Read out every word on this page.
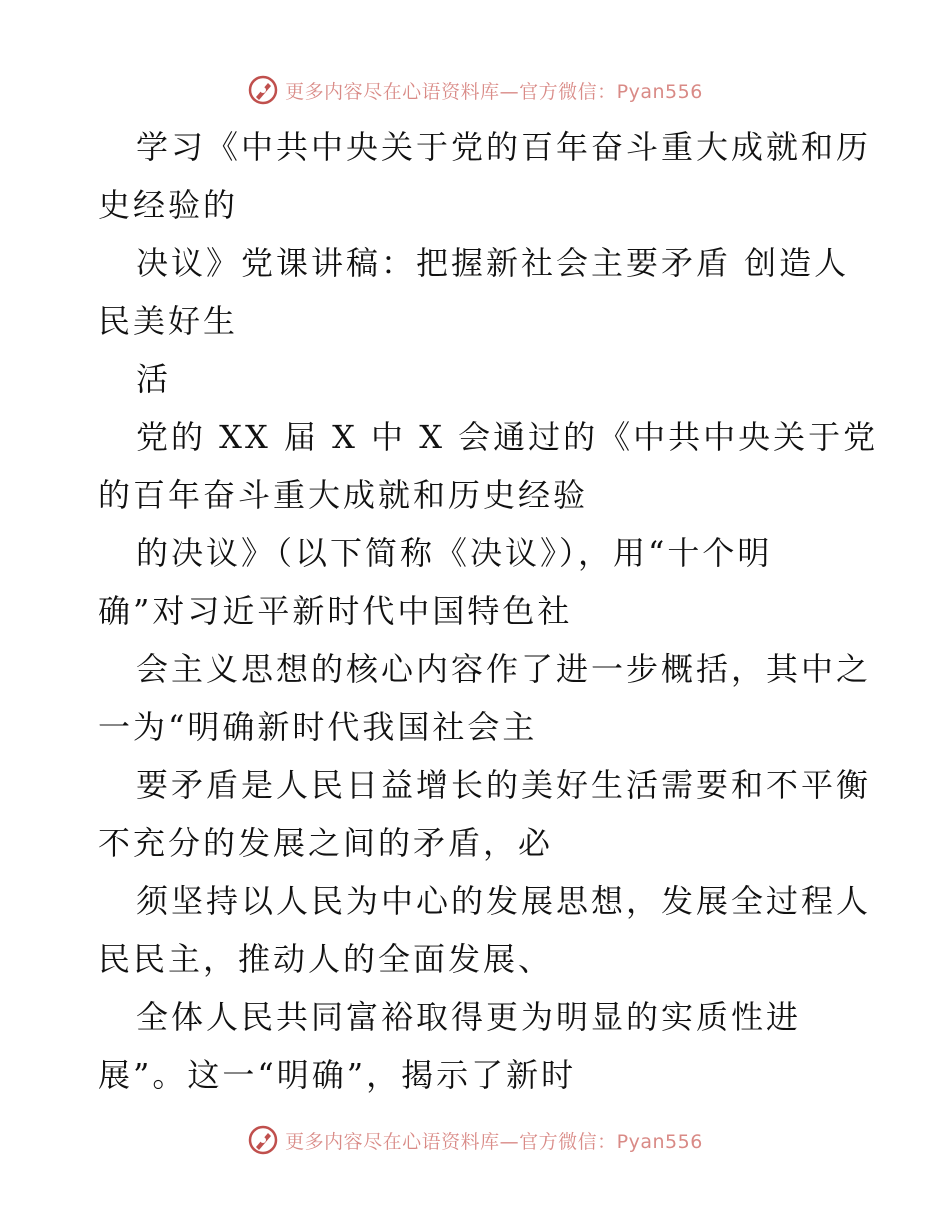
更多内容尽在心语资料库—官方微信：Pyan556
学习《中共中央关于党的百年奋斗重大成就和历
史经验的
决议》党课讲稿：把握新社会主要矛盾 创造人
民美好生
活
党的 XX 届 X 中 X 会通过的《中共中央关于党
的百年奋斗重大成就和历史经验
的决议》（以下简称《决议》），用“十个明
确”对习近平新时代中国特色社
会主义思想的核心内容作了进一步概括，其中之
一为“明确新时代我国社会主
要矛盾是人民日益增长的美好生活需要和不平衡
不充分的发展之间的矛盾，必
须坚持以人民为中心的发展思想，发展全过程人
民民主，推动人的全面发展、
全体人民共同富裕取得更为明显的实质性进
展”。这一“明确”，揭示了新时
更多内容尽在心语资料库—官方微信：Pyan556
